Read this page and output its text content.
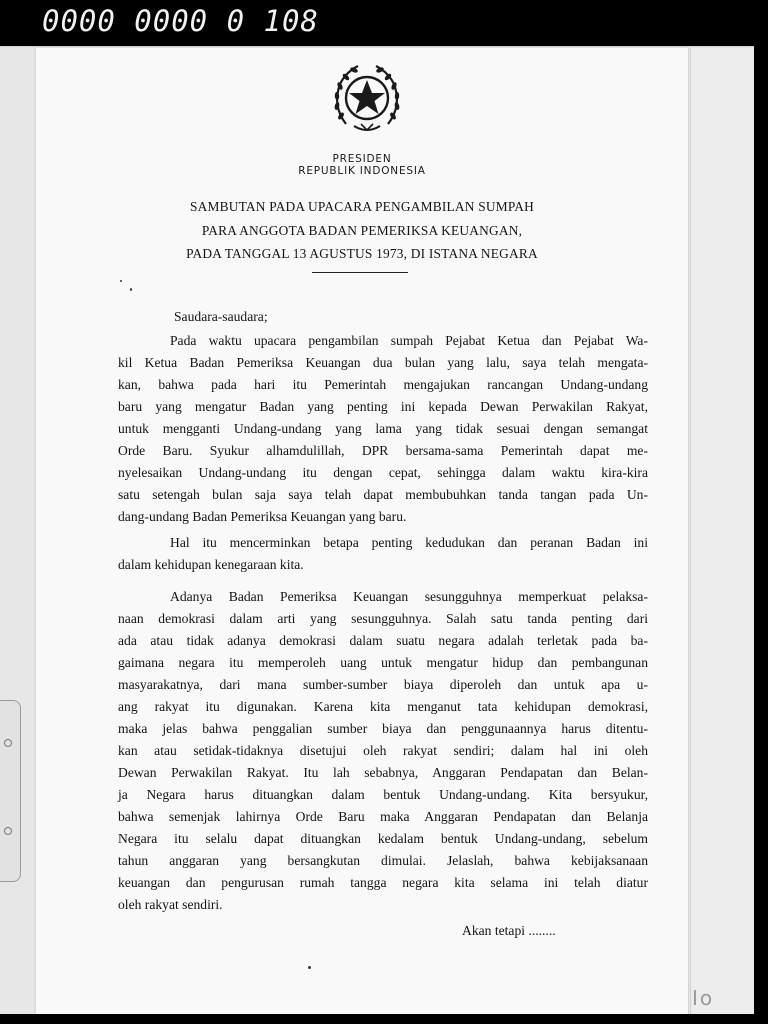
0000 0000 0 108
PRESIDEN
REPUBLIK INDONESIA
SAMBUTAN PADA UPACARA PENGAMBILAN SUMPAH
PARA ANGGOTA BADAN PEMERIKSA KEUANGAN,
PADA TANGGAL 13 AGUSTUS 1973, DI ISTANA NEGARA
Saudara-saudara;
Pada waktu upacara pengambilan sumpah Pejabat Ketua dan Pejabat Wa-
kil Ketua Badan Pemeriksa Keuangan dua bulan yang lalu, saya telah mengata-
kan, bahwa pada hari itu Pemerintah mengajukan rancangan Undang-undang
baru yang mengatur Badan yang penting ini kepada Dewan Perwakilan Rakyat,
untuk mengganti Undang-undang yang lama yang tidak sesuai dengan semangat
Orde Baru. Syukur alhamdulillah, DPR bersama-sama Pemerintah dapat me-
nyelesaikan Undang-undang itu dengan cepat, sehingga dalam waktu kira-kira
satu setengah bulan saja saya telah dapat membubuhkan tanda tangan pada Un-
dang-undang Badan Pemeriksa Keuangan yang baru.
Hal itu mencerminkan betapa penting kedudukan dan peranan Badan ini
dalam kehidupan kenegaraan kita.
Adanya Badan Pemeriksa Keuangan sesungguhnya memperkuat pelaksa-
naan demokrasi dalam arti yang sesungguhnya. Salah satu tanda penting dari
ada atau tidak adanya demokrasi dalam suatu negara adalah terletak pada ba-
gaimana negara itu memperoleh uang untuk mengatur hidup dan pembangunan
masyarakatnya, dari mana sumber-sumber biaya diperoleh dan untuk apa u-
ang rakyat itu digunakan. Karena kita menganut tata kehidupan demokrasi,
maka jelas bahwa penggalian sumber biaya dan penggunaannya harus ditentu-
kan atau setidak-tidaknya disetujui oleh rakyat sendiri; dalam hal ini oleh
Dewan Perwakilan Rakyat. Itu lah sebabnya, Anggaran Pendapatan dan Belan-
ja Negara harus dituangkan dalam bentuk Undang-undang. Kita bersyukur,
bahwa semenjak lahirnya Orde Baru maka Anggaran Pendapatan dan Belanja
Negara itu selalu dapat dituangkan kedalam bentuk Undang-undang, sebelum
tahun anggaran yang bersangkutan dimulai. Jelaslah, bahwa kebijaksanaan
keuangan dan pengurusan rumah tangga negara kita selama ini telah diatur
oleh rakyat sendiri.
Akan tetapi ........
Io
